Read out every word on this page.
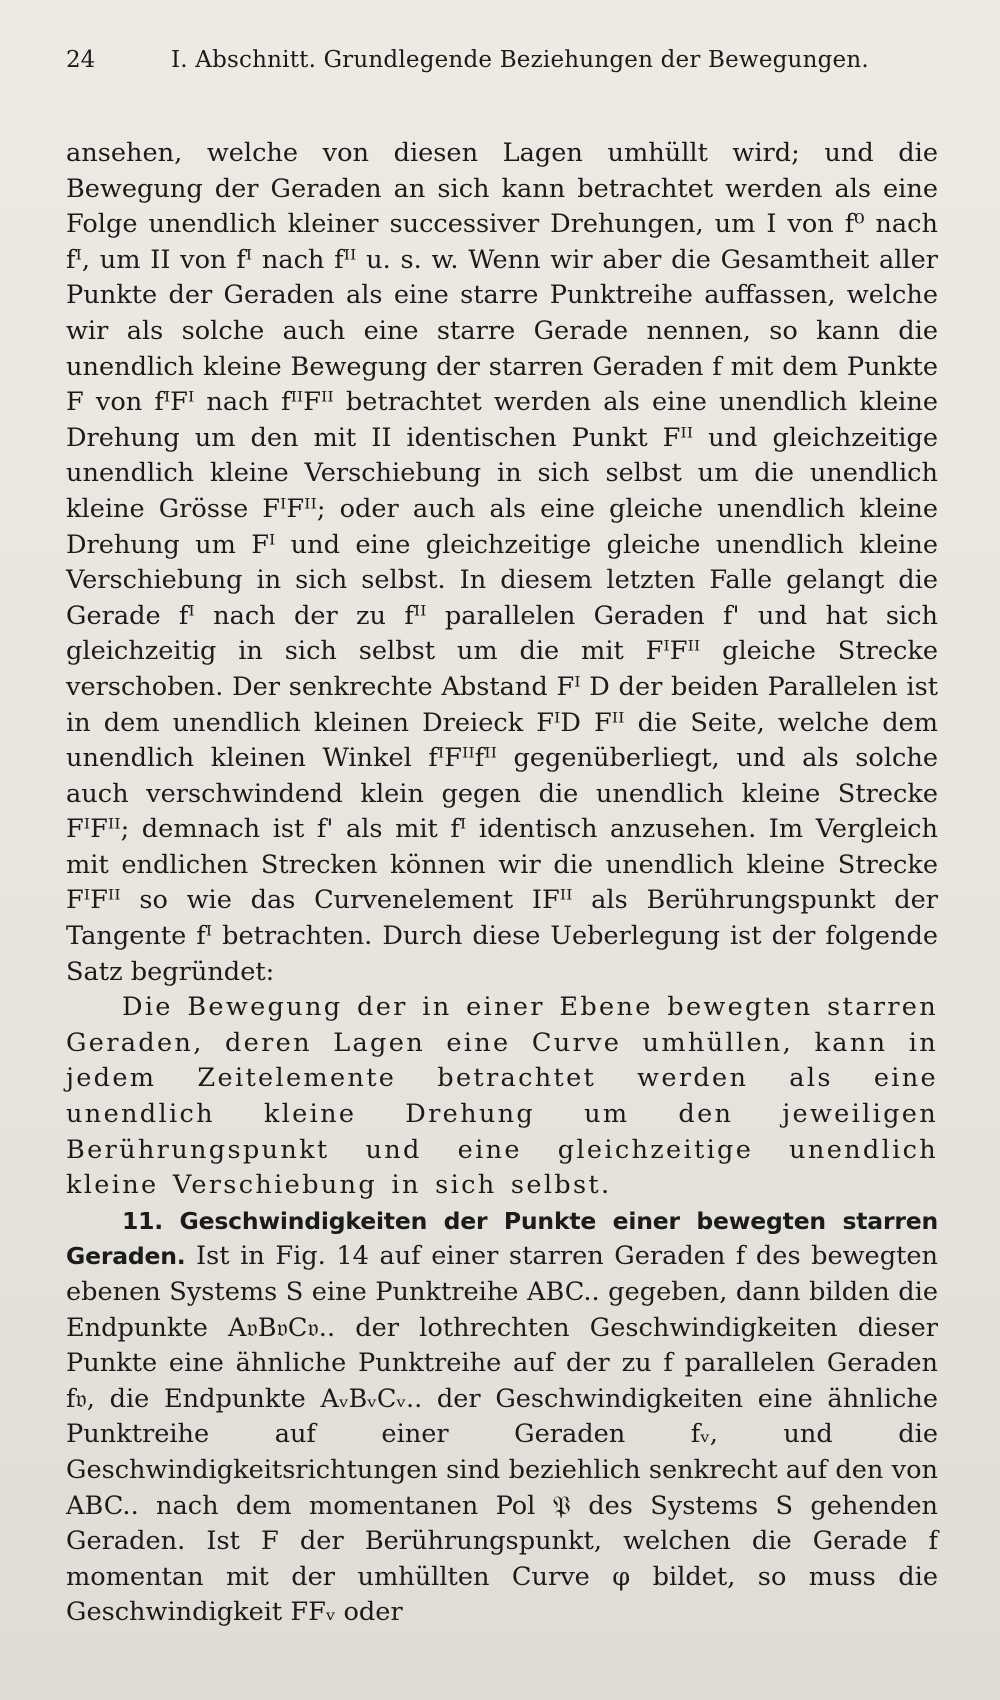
24	I. Abschnitt. Grundlegende Beziehungen der Bewegungen.

ansehen, welche von diesen Lagen umhüllt wird; und die Bewegung der Geraden an sich kann betrachtet werden als eine Folge unendlich kleiner successiver Drehungen, um I von f⁰ nach fᴵ, um II von fᴵ nach fᴵᴵ u. s. w. Wenn wir aber die Gesamtheit aller Punkte der Geraden als eine starre Punktreihe auffassen, welche wir als solche auch eine starre Gerade nennen, so kann die unendlich kleine Bewegung der starren Geraden f mit dem Punkte F von fᴵFᴵ nach fᴵᴵFᴵᴵ betrachtet werden als eine unendlich kleine Drehung um den mit II identischen Punkt Fᴵᴵ und gleichzeitige unendlich kleine Verschiebung in sich selbst um die unendlich kleine Grösse FᴵFᴵᴵ; oder auch als eine gleiche unendlich kleine Drehung um Fᴵ und eine gleichzeitige gleiche unendlich kleine Verschiebung in sich selbst. In diesem letzten Falle gelangt die Gerade fᴵ nach der zu fᴵᴵ parallelen Geraden f' und hat sich gleichzeitig in sich selbst um die mit FᴵFᴵᴵ gleiche Strecke verschoben. Der senkrechte Abstand Fᴵ D der beiden Parallelen ist in dem unendlich kleinen Dreieck FᴵD Fᴵᴵ die Seite, welche dem unendlich kleinen Winkel fᴵFᴵᴵfᴵᴵ gegenüberliegt, und als solche auch verschwindend klein gegen die unendlich kleine Strecke FᴵFᴵᴵ; demnach ist f' als mit fᴵ identisch anzusehen. Im Vergleich mit endlichen Strecken können wir die unendlich kleine Strecke FᴵFᴵᴵ so wie das Curvenelement IFᴵᴵ als Berührungspunkt der Tangente fᴵ betrachten. Durch diese Ueberlegung ist der folgende Satz begründet:

Die Bewegung der in einer Ebene bewegten starren Geraden, deren Lagen eine Curve umhüllen, kann in jedem Zeitelemente betrachtet werden als eine unendlich kleine Drehung um den jeweiligen Berührungspunkt und eine gleichzeitige unendlich kleine Verschiebung in sich selbst.

11. Geschwindigkeiten der Punkte einer bewegten starren Geraden. Ist in Fig. 14 auf einer starren Geraden f des bewegten ebenen Systems S eine Punktreihe ABC.. gegeben, dann bilden die Endpunkte A𝔳B𝔳C𝔳.. der lothrechten Geschwindigkeiten dieser Punkte eine ähnliche Punktreihe auf der zu f parallelen Geraden f𝔳, die Endpunkte AᵥBᵥCᵥ.. der Geschwindigkeiten eine ähnliche Punktreihe auf einer Geraden fᵥ, und die Geschwindigkeitsrichtungen sind beziehlich senkrecht auf den von ABC.. nach dem momentanen Pol 𝔓 des Systems S gehenden Geraden. Ist F der Berührungspunkt, welchen die Gerade f momentan mit der umhüllten Curve φ bildet, so muss die Geschwindigkeit FFᵥ oder
